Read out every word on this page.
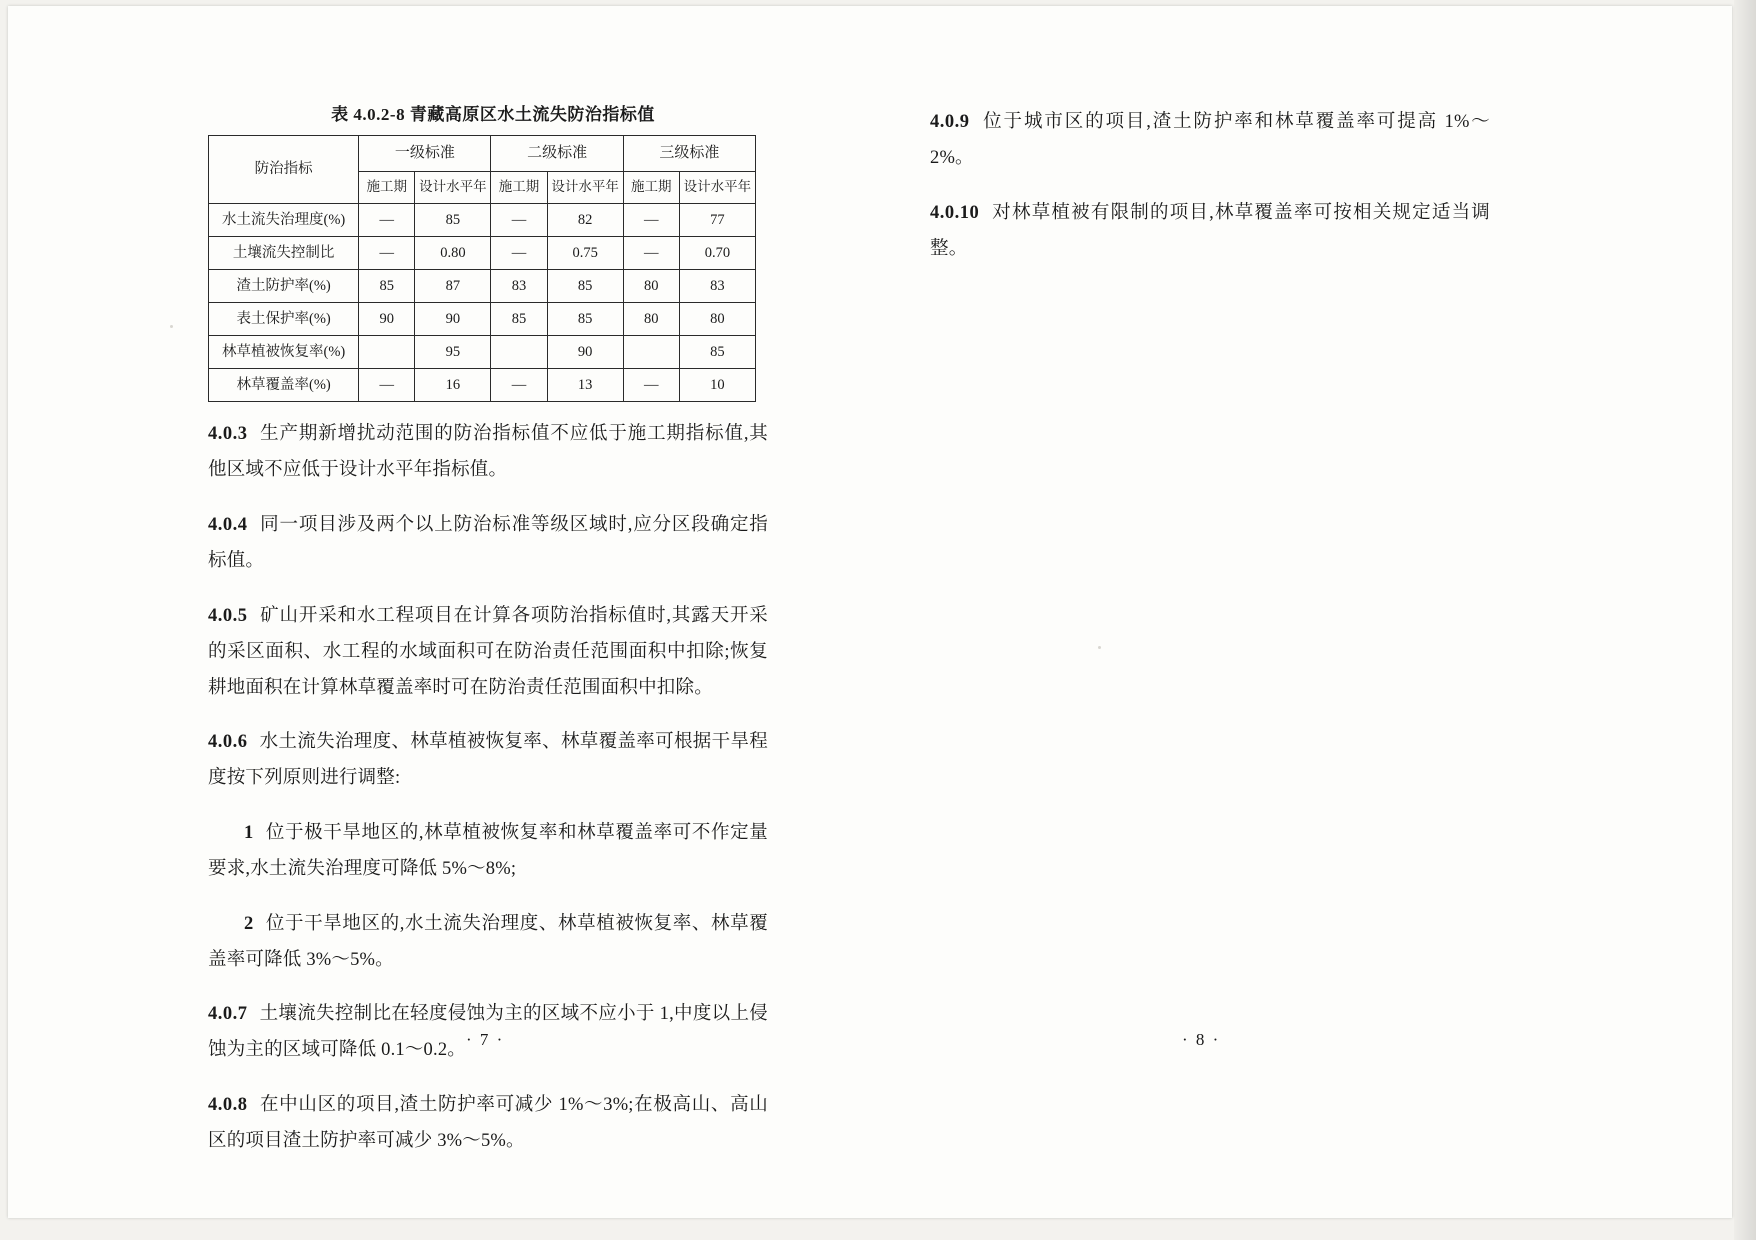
表 4.0.2-8 青藏高原区水土流失防治指标值
防治指标	一级标准		二级标准		三级标准	
	施工期	设计水平年	施工期	设计水平年	施工期	设计水平年
水土流失治理度(%)	—	85	—	82	—	77
土壤流失控制比	—	0.80	—	0.75	—	0.70
渣土防护率(%)	85	87	83	85	80	83
表土保护率(%)	90	90	85	85	80	80
林草植被恢复率(%)		95		90		85
林草覆盖率(%)	—	16	—	13	—	10

4.0.3 生产期新增扰动范围的防治指标值不应低于施工期指标值,其他区域不应低于设计水平年指标值。

4.0.4 同一项目涉及两个以上防治标准等级区域时,应分区段确定指标值。

4.0.5 矿山开采和水工程项目在计算各项防治指标值时,其露天开采的采区面积、水工程的水域面积可在防治责任范围面积中扣除;恢复耕地面积在计算林草覆盖率时可在防治责任范围面积中扣除。

4.0.6 水土流失治理度、林草植被恢复率、林草覆盖率可根据干旱程度按下列原则进行调整:

1 位于极干旱地区的,林草植被恢复率和林草覆盖率可不作定量要求,水土流失治理度可降低 5%～8%;

2 位于干旱地区的,水土流失治理度、林草植被恢复率、林草覆盖率可降低 3%～5%。

4.0.7 土壤流失控制比在轻度侵蚀为主的区域不应小于 1,中度以上侵蚀为主的区域可降低 0.1～0.2。

4.0.8 在中山区的项目,渣土防护率可减少 1%～3%;在极高山、高山区的项目渣土防护率可减少 3%～5%。

4.0.9 位于城市区的项目,渣土防护率和林草覆盖率可提高 1%～2%。

4.0.10 对林草植被有限制的项目,林草覆盖率可按相关规定适当调整。

· 7 ·	· 8 ·
